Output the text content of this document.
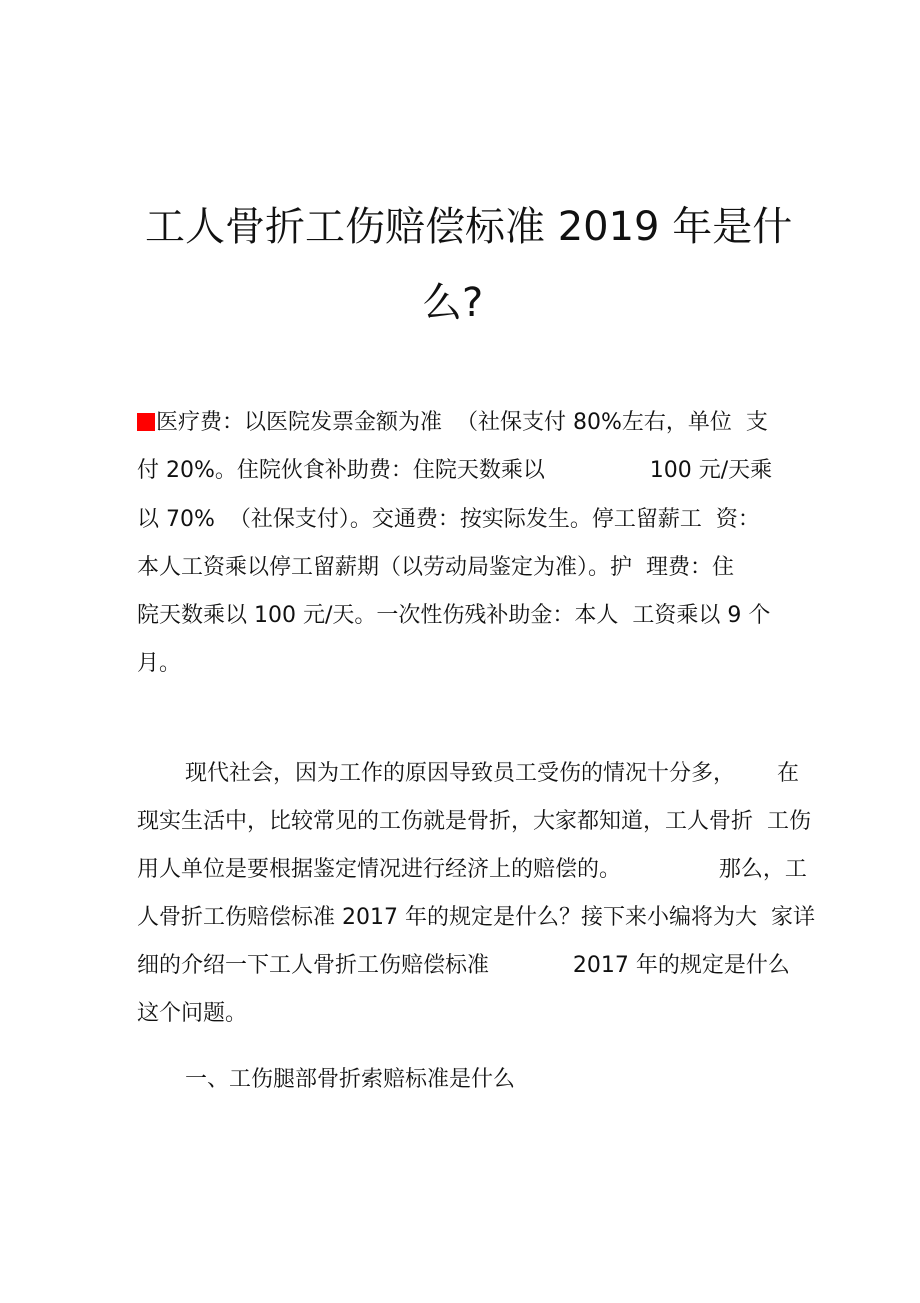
工人骨折工伤赔偿标准 2019 年是什
么?
医疗费：以医院发票金额为准  （社保支付 80%左右，单位  支
付 20%。住院伙食补助费：住院天数乘以               100 元/天乘
以 70%  （社保支付）。交通费：按实际发生。停工留薪工  资：
本人工资乘以停工留薪期（以劳动局鉴定为准）。护  理费：住
院天数乘以 100 元/天。一次性伤残补助金：本人  工资乘以 9 个
月。
现代社会，因为工作的原因导致员工受伤的情况十分多，      在
现实生活中，比较常见的工伤就是骨折，大家都知道，工人骨折  工伤
用人单位是要根据鉴定情况进行经济上的赔偿的。              那么，工
人骨折工伤赔偿标准 2017 年的规定是什么？接下来小编将为大  家详
细的介绍一下工人骨折工伤赔偿标准            2017 年的规定是什么
这个问题。
一、工伤腿部骨折索赔标准是什么
